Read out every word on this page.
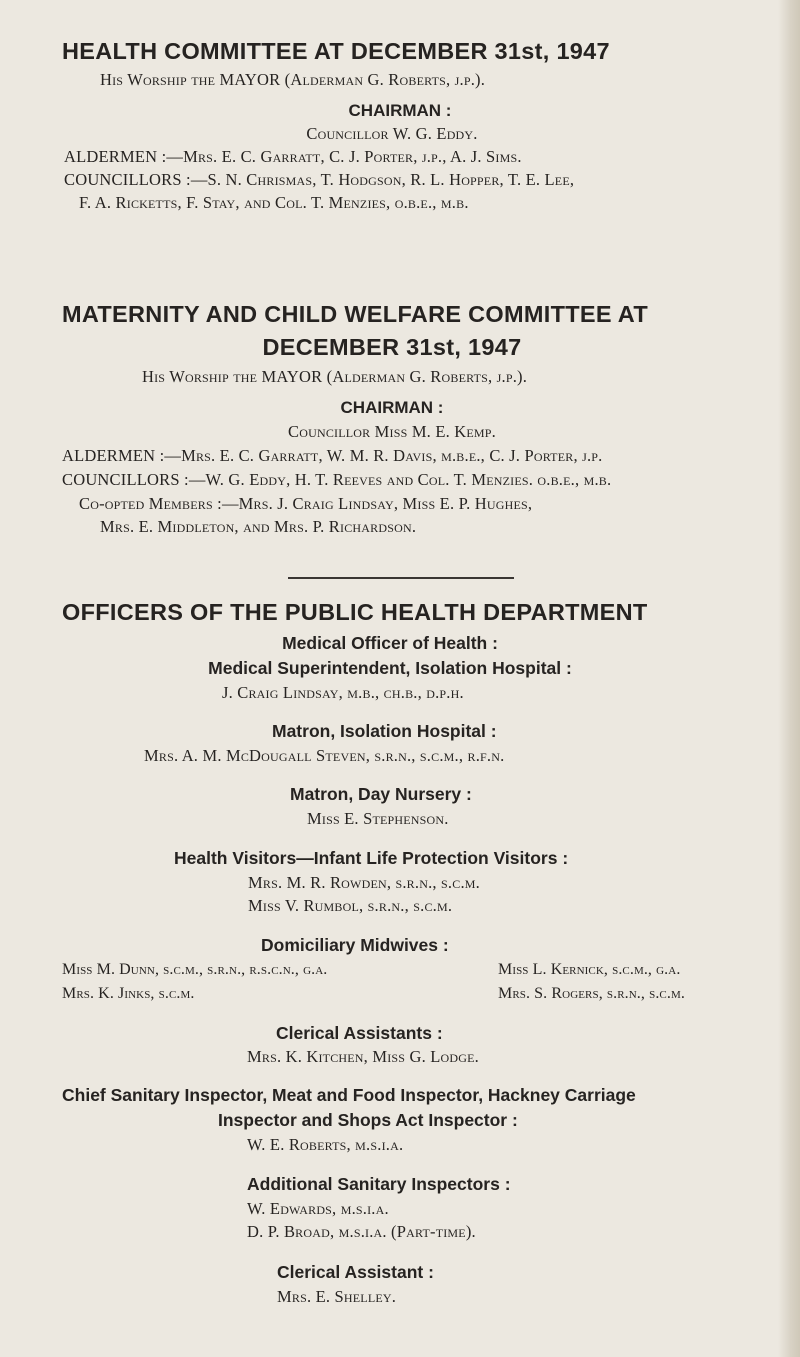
HEALTH COMMITTEE AT DECEMBER 31st, 1947
His Worship the MAYOR (Alderman G. Roberts, j.p.).
CHAIRMAN :
Councillor W. G. Eddy.
ALDERMEN :—Mrs. E. C. Garratt, C. J. Porter, j.p., A. J. Sims.
COUNCILLORS :—S. N. Chrismas, T. Hodgson, R. L. Hopper, T. E. Lee,
F. A. Ricketts, F. Stay, and Col. T. Menzies, o.b.e., m.b.
MATERNITY AND CHILD WELFARE COMMITTEE AT
DECEMBER 31st, 1947
His Worship the MAYOR (Alderman G. Roberts, j.p.).
CHAIRMAN :
Councillor Miss M. E. Kemp.
ALDERMEN :—Mrs. E. C. Garratt, W. M. R. Davis, m.b.e., C. J. Porter, j.p.
COUNCILLORS :—W. G. Eddy, H. T. Reeves and Col. T. Menzies. o.b.e., m.b.
Co-opted Members :—Mrs. J. Craig Lindsay, Miss E. P. Hughes,
Mrs. E. Middleton, and Mrs. P. Richardson.
OFFICERS OF THE PUBLIC HEALTH DEPARTMENT
Medical Officer of Health :
Medical Superintendent, Isolation Hospital :
J. Craig Lindsay, m.b., ch.b., d.p.h.
Matron, Isolation Hospital :
Mrs. A. M. McDougall Steven, s.r.n., s.c.m., r.f.n.
Matron, Day Nursery :
Miss E. Stephenson.
Health Visitors—Infant Life Protection Visitors :
Mrs. M. R. Rowden, s.r.n., s.c.m.
Miss V. Rumbol, s.r.n., s.c.m.
Domiciliary Midwives :
Miss M. Dunn, s.c.m., s.r.n., r.s.c.n., g.a.	Miss L. Kernick, s.c.m., g.a.
Mrs. K. Jinks, s.c.m.	Mrs. S. Rogers, s.r.n., s.c.m.
Clerical Assistants :
Mrs. K. Kitchen, Miss G. Lodge.
Chief Sanitary Inspector, Meat and Food Inspector, Hackney Carriage
Inspector and Shops Act Inspector :
W. E. Roberts, m.s.i.a.
Additional Sanitary Inspectors :
W. Edwards, m.s.i.a.
D. P. Broad, m.s.i.a. (Part-time).
Clerical Assistant :
Mrs. E. Shelley.
